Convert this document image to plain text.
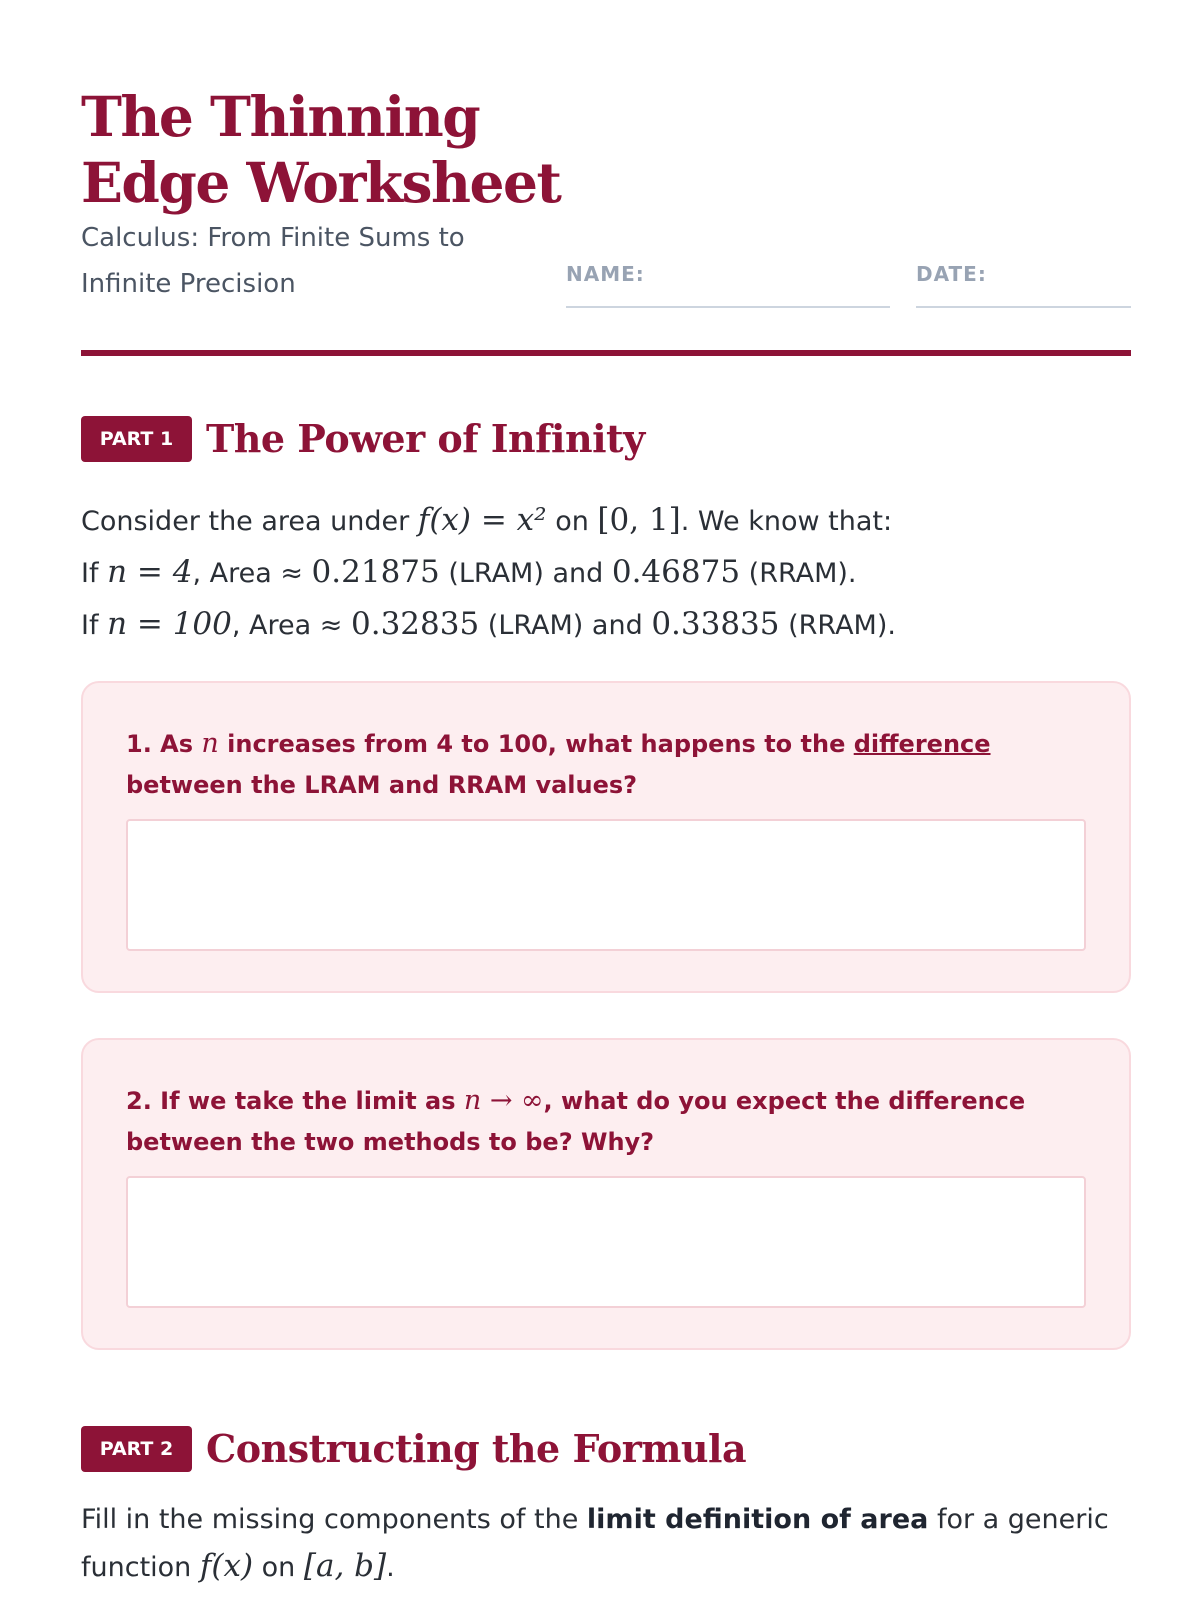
The Thinning
Edge Worksheet
Calculus: From Finite Sums to Infinite Precision	NAME:	DATE:
PART 1 The Power of Infinity
Consider the area under f(x) = x² on [0, 1]. We know that:
If n = 4, Area ≈ 0.21875 (LRAM) and 0.46875 (RRAM).
If n = 100, Area ≈ 0.32835 (LRAM) and 0.33835 (RRAM).
1. As n increases from 4 to 100, what happens to the difference between the LRAM and RRAM values?
2. If we take the limit as n → ∞, what do you expect the difference between the two methods to be? Why?
PART 2 Constructing the Formula
Fill in the missing components of the limit definition of area for a generic function f(x) on [a, b].
